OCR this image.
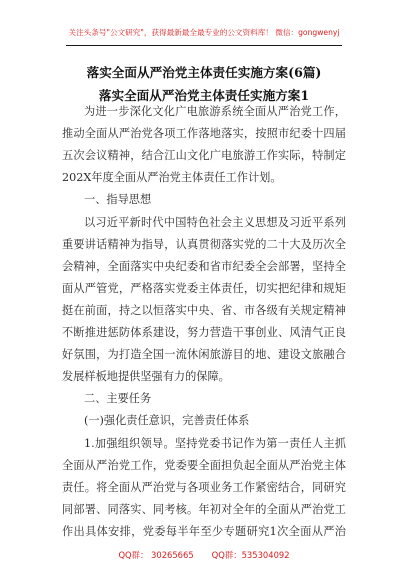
关注头条号"公文研究"，获得最新最全最专业的公文资料库！ 微信：gongwenyj
落实全面从严治党主体责任实施方案(6篇)
落实全面从严治党主体责任实施方案1
为进一步深化文化广电旅游系统全面从严治党工作，
推动全面从严治党各项工作落地落实，按照市纪委十四届
五次会议精神，结合江山文化广电旅游工作实际，特制定
202X年度全面从严治党主体责任工作计划。
一、指导思想
以习近平新时代中国特色社会主义思想及习近平系列
重要讲话精神为指导，认真贯彻落实党的二十大及历次全
会精神，全面落实中央纪委和省市纪委全会部署，坚持全
面从严管党，严格落实党委主体责任，切实把纪律和规矩
挺在前面，持之以恒落实中央、省、市各级有关规定精神
不断推进惩防体系建设，努力营造干事创业、风清气正良
好氛围，为打造全国一流休闲旅游目的地、建设文旅融合
发展样板地提供坚强有力的保障。
二、主要任务
(一)强化责任意识，完善责任体系
1.加强组织领导。坚持党委书记作为第一责任人主抓
全面从严治党工作，党委要全面担负起全面从严治党主体
责任。将全面从严治党与各项业务工作紧密结合，同研究
同部署、同落实、同考核。年初对全年的全面从严治党工
作出具体安排，党委每半年至少专题研究1次全面从严治
QQ群： 30265665 QQ群：535304092
